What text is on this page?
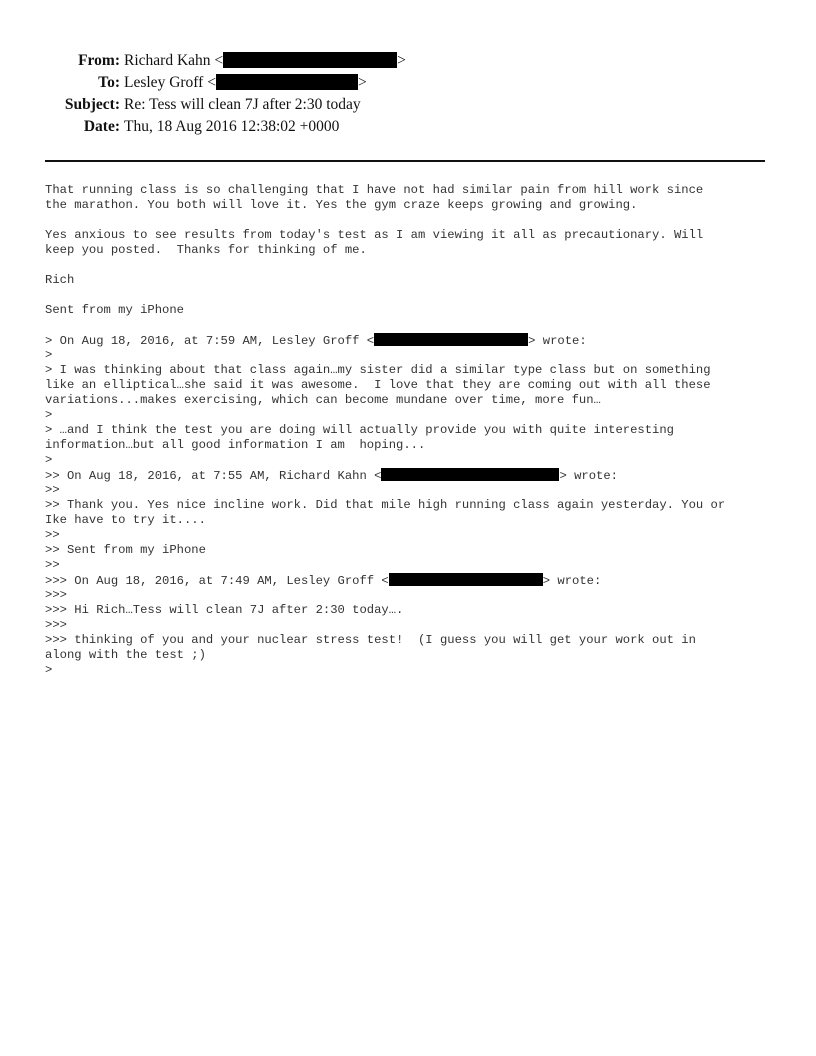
From: Richard Kahn <	>
To: Lesley Groff <	>
Subject: Re: Tess will clean 7J after 2:30 today
Date: Thu, 18 Aug 2016 12:38:02 +0000
That running class is so challenging that I have not had similar pain from hill work since
the marathon. You both will love it. Yes the gym craze keeps growing and growing.
Yes anxious to see results from today's test as I am viewing it all as precautionary. Will
keep you posted.  Thanks for thinking of me.
Rich
Sent from my iPhone
> On Aug 18, 2016, at 7:59 AM, Lesley Groff <	> wrote:
>
> I was thinking about that class again…my sister did a similar type class but on something
like an elliptical…she said it was awesome.  I love that they are coming out with all these
variations...makes exercising, which can become mundane over time, more fun…
>
> …and I think the test you are doing will actually provide you with quite interesting
information…but all good information I am  hoping...
>
>> On Aug 18, 2016, at 7:55 AM, Richard Kahn <	> wrote:
>>
>> Thank you. Yes nice incline work. Did that mile high running class again yesterday. You or
Ike have to try it....
>>
>> Sent from my iPhone
>>
>>> On Aug 18, 2016, at 7:49 AM, Lesley Groff <	> wrote:
>>>
>>> Hi Rich…Tess will clean 7J after 2:30 today….
>>>
>>> thinking of you and your nuclear stress test!  (I guess you will get your work out in
along with the test ;)
>
